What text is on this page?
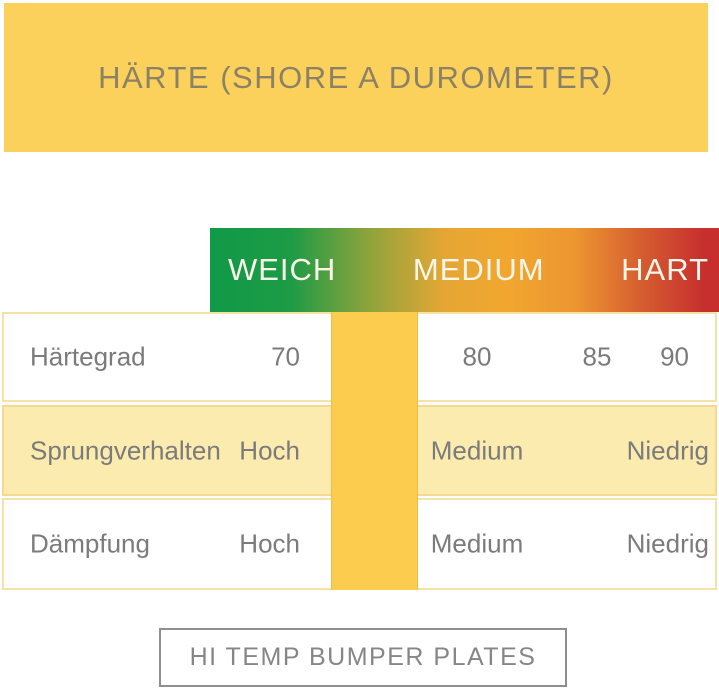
HÄRTE (SHORE A DUROMETER)
WEICH MEDIUM HART
Härtegrad	70	80	85	90
Sprungverhalten Hoch	Medium	Niedrig
Dämpfung	Hoch	Medium	Niedrig
HI TEMP BUMPER PLATES
